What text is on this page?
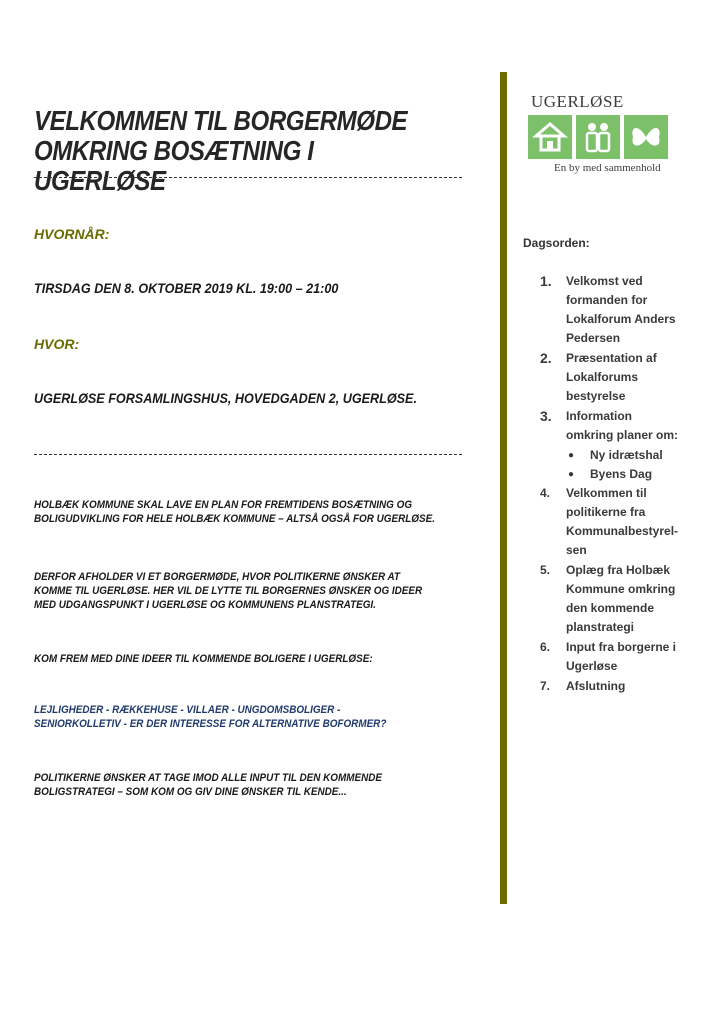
VELKOMMEN TIL BORGERMØDE
OMKRING BOSÆTNING I UGERLØSE
HVORNÅR:
TIRSDAG DEN 8. OKTOBER 2019 KL. 19:00 – 21:00
HVOR:
UGERLØSE FORSAMLINGSHUS, HOVEDGADEN 2, UGERLØSE.
HOLBÆK KOMMUNE SKAL LAVE EN PLAN FOR FREMTIDENS BOSÆTNING OG
BOLIGUDVIKLING FOR HELE HOLBÆK KOMMUNE – ALTSÅ OGSÅ FOR UGERLØSE.
DERFOR AFHOLDER VI ET BORGERMØDE, HVOR POLITIKERNE ØNSKER AT
KOMME TIL UGERLØSE. HER VIL DE LYTTE TIL BORGERNES ØNSKER OG IDEER
MED UDGANGSPUNKT I UGERLØSE OG KOMMUNENS PLANSTRATEGI.
KOM FREM MED DINE IDEER TIL KOMMENDE BOLIGERE I UGERLØSE:
LEJLIGHEDER - RÆKKEHUSE - VILLAER - UNGDOMSBOLIGER -
SENIORKOLLETIV - ER DER INTERESSE FOR ALTERNATIVE BOFORMER?
POLITIKERNE ØNSKER AT TAGE IMOD ALLE INPUT TIL DEN KOMMENDE
BOLIGSTRATEGI – SOM KOM OG GIV DINE ØNSKER TIL KENDE...
UGERLØSE
En by med sammenhold
Dagsorden:
1.	Velkomst ved
formanden for
Lokalforum Anders
Pedersen
2.	Præsentation af
Lokalforums
bestyrelse
3.	Information
omkring planer om:
●	Ny idrætshal
●	Byens Dag
4.	Velkommen til
politikerne fra
Kommunalbestyrel-
sen
5.	Oplæg fra Holbæk
Kommune omkring
den kommende
planstrategi
6.	Input fra borgerne i
Ugerløse
7.	Afslutning
